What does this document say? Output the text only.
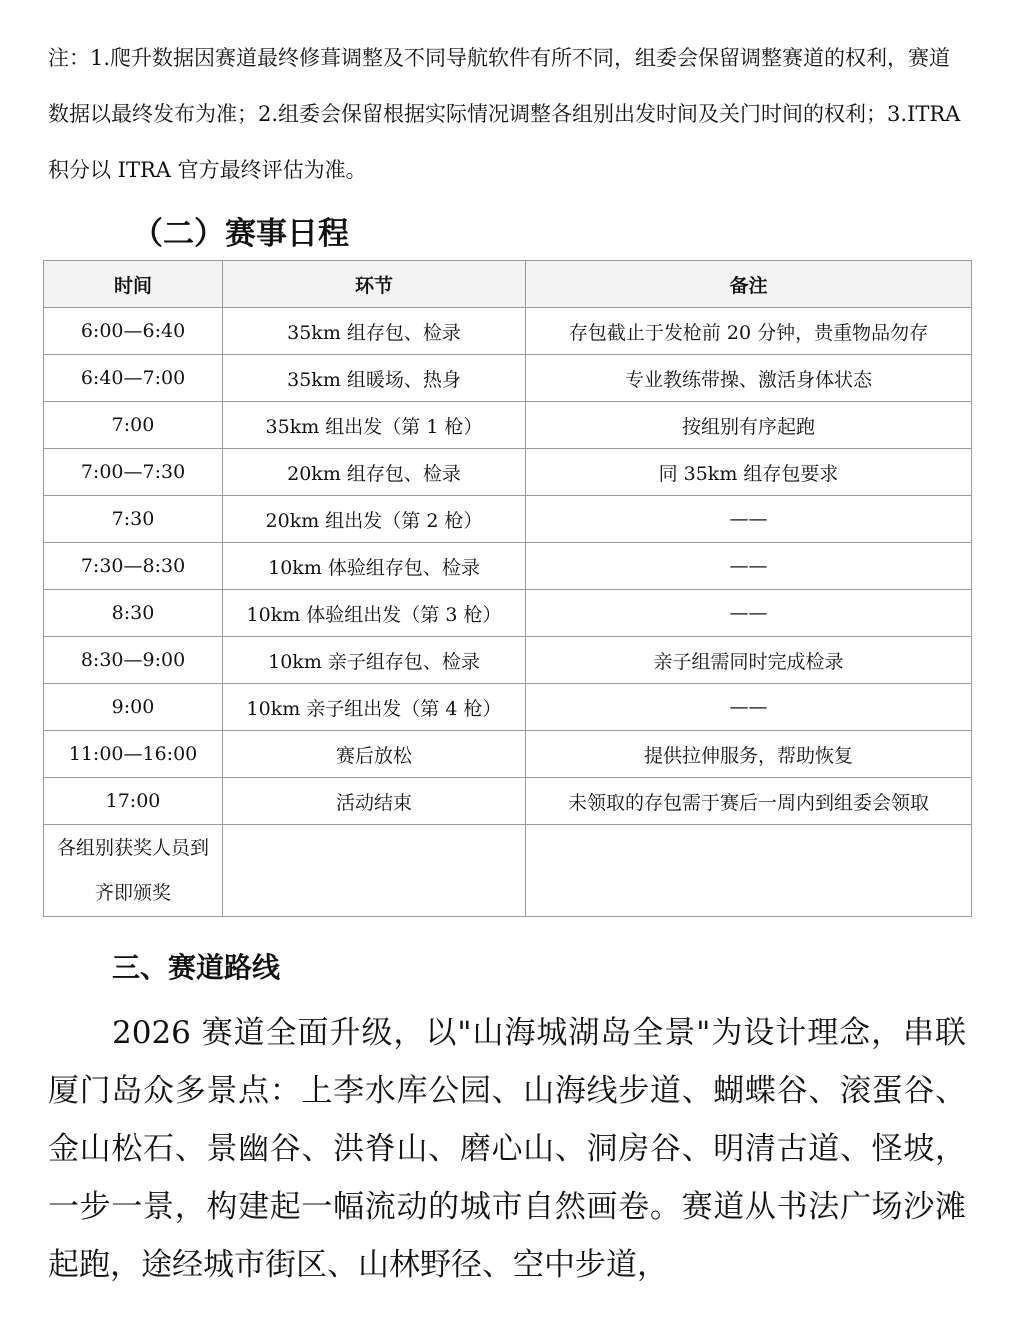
注：1.爬升数据因赛道最终修葺调整及不同导航软件有所不同，组委会保留调整赛道的权利，赛道数据以最终发布为准；2.组委会保留根据实际情况调整各组别出发时间及关门时间的权利；3.ITRA 积分以 ITRA 官方最终评估为准。

（二）赛事日程
时间	环节	备注
6:00—6:40	35km 组存包、检录	存包截止于发枪前 20 分钟，贵重物品勿存
6:40—7:00	35km 组暖场、热身	专业教练带操、激活身体状态
7:00	35km 组出发（第 1 枪）	按组别有序起跑
7:00—7:30	20km 组存包、检录	同 35km 组存包要求
7:30	20km 组出发（第 2 枪）	——
7:30—8:30	10km 体验组存包、检录	——
8:30	10km 体验组出发（第 3 枪）	——
8:30—9:00	10km 亲子组存包、检录	亲子组需同时完成检录
9:00	10km 亲子组出发（第 4 枪）	——
11:00—16:00	赛后放松	提供拉伸服务，帮助恢复
17:00	活动结束	未领取的存包需于赛后一周内到组委会领取
各组别获奖人员到齐即颁奖		
三、赛道路线

2026 赛道全面升级，以"山海城湖岛全景"为设计理念，串联厦门岛众多景点：上李水库公园、山海线步道、蝴蝶谷、滚蛋谷、金山松石、景幽谷、洪脊山、磨心山、洞房谷、明清古道、怪坡，一步一景，构建起一幅流动的城市自然画卷。赛道从书法广场沙滩起跑，途经城市街区、山林野径、空中步道，
